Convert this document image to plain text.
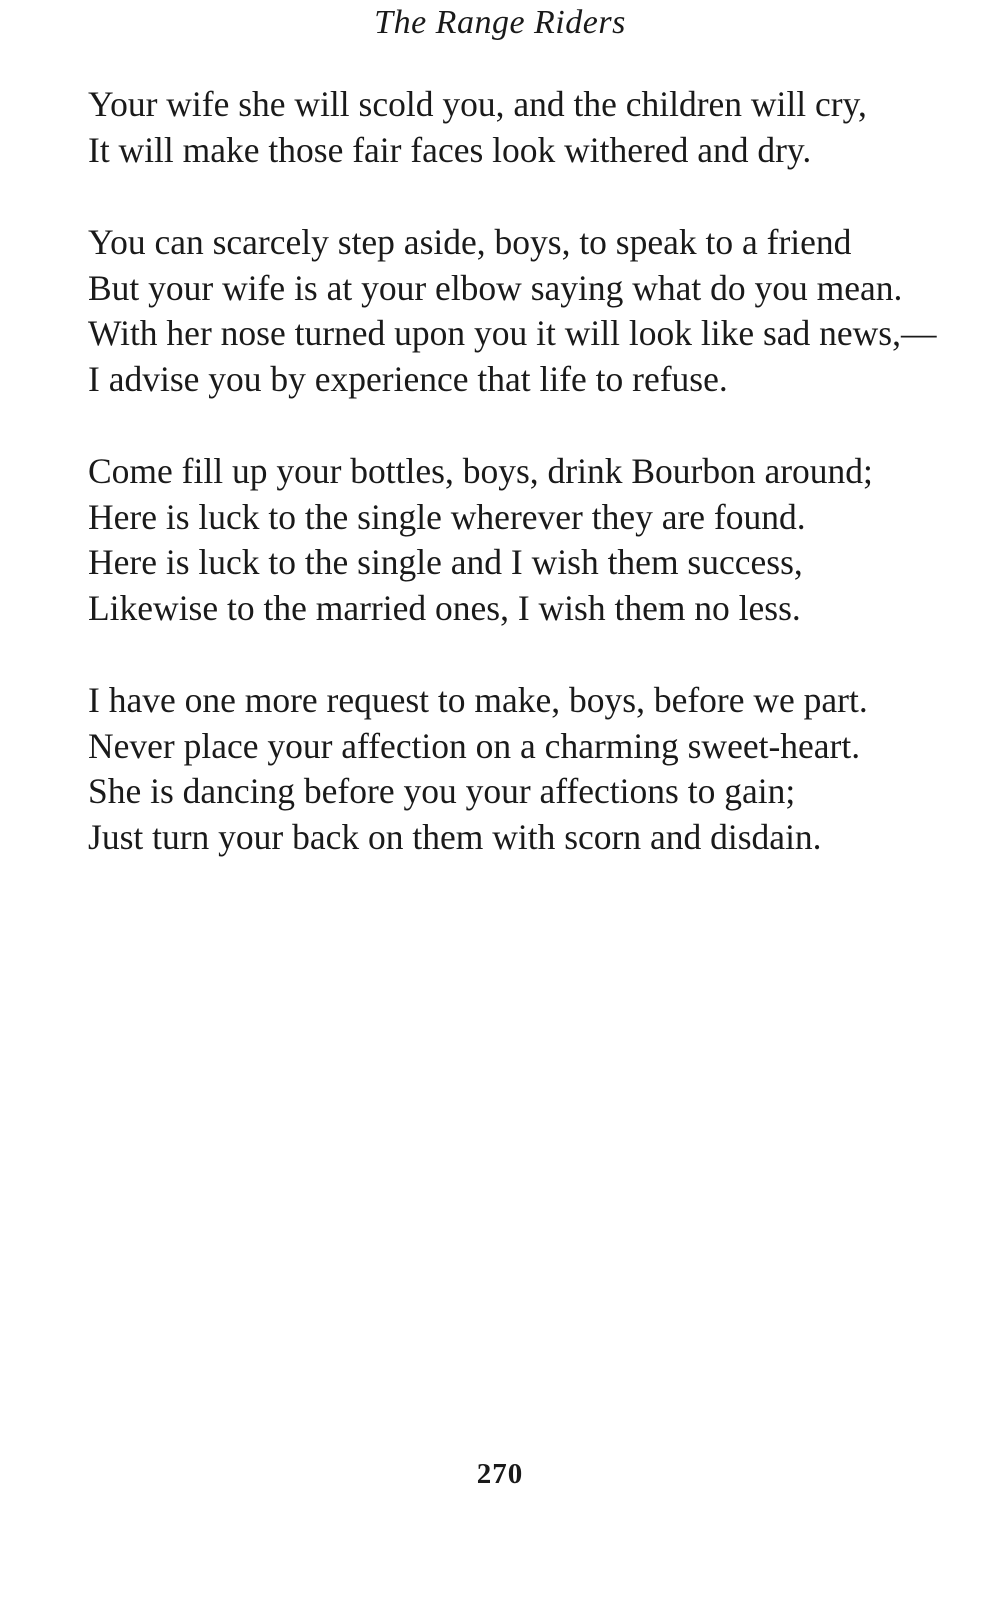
The Range Riders

Your wife she will scold you, and the children will cry,

It will make those fair faces look withered and dry.

You can scarcely step aside, boys, to speak to a friend

But your wife is at your elbow saying what do you mean.

With her nose turned upon you it will look like sad news,—

I advise you by experience that life to refuse.

Come fill up your bottles, boys, drink Bourbon around;

Here is luck to the single wherever they are found.

Here is luck to the single and I wish them success,

Likewise to the married ones, I wish them no less.

I have one more request to make, boys, before we part.

Never place your affection on a charming sweet-heart.

She is dancing before you your affections to gain;

Just turn your back on them with scorn and disdain.

270
